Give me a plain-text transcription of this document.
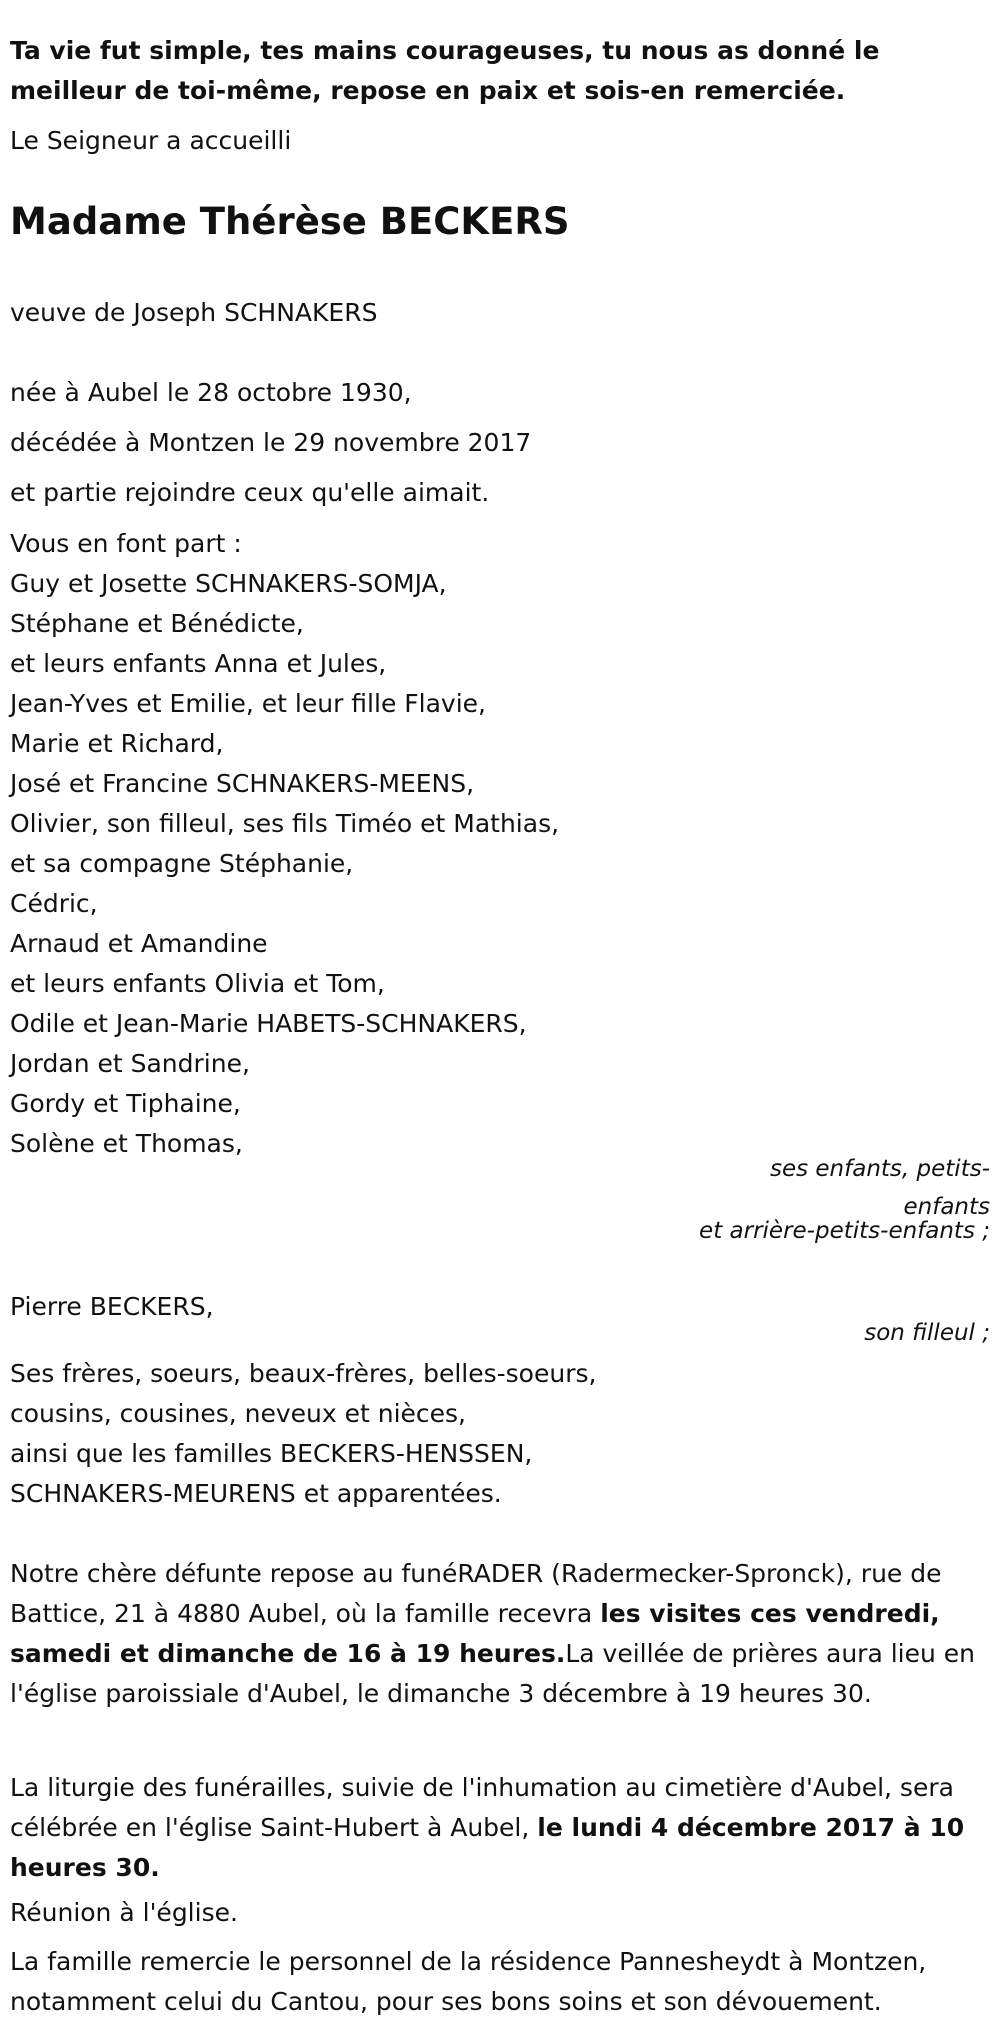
Ta vie fut simple, tes mains courageuses, tu nous as donné le meilleur de toi-même, repose en paix et sois-en remerciée.

Le Seigneur a accueilli
Madame Thérèse BECKERS
veuve de Joseph SCHNAKERS
née à Aubel le 28 octobre 1930,
décédée à Montzen le 29 novembre 2017
et partie rejoindre ceux qu'elle aimait.
Vous en font part :
Guy et Josette SCHNAKERS-SOMJA,
Stéphane et Bénédicte,
et leurs enfants Anna et Jules,
Jean-Yves et Emilie, et leur fille Flavie,
Marie et Richard,
José et Francine SCHNAKERS-MEENS,
Olivier, son filleul, ses fils Timéo et Mathias,
et sa compagne Stéphanie,
Cédric,
Arnaud et Amandine
et leurs enfants Olivia et Tom,
Odile et Jean-Marie HABETS-SCHNAKERS,
Jordan et Sandrine,
Gordy et Tiphaine,
Solène et Thomas,
ses enfants, petits-enfants
et arrière-petits-enfants ;
Pierre BECKERS,
son filleul ;
Ses frères, soeurs, beaux-frères, belles-soeurs,
cousins, cousines, neveux et nièces,
ainsi que les familles BECKERS-HENSSEN,
SCHNAKERS-MEURENS et apparentées.
Notre chère défunte repose au funéRADER (Radermecker-Spronck), rue de Battice, 21 à 4880 Aubel, où la famille recevra les visites ces vendredi, samedi et dimanche de 16 à 19 heures.La veillée de prières aura lieu en l'église paroissiale d'Aubel, le dimanche 3 décembre à 19 heures 30.
La liturgie des funérailles, suivie de l'inhumation au cimetière d'Aubel, sera célébrée en l'église Saint-Hubert à Aubel, le lundi 4 décembre 2017 à 10 heures 30.
Réunion à l'église.
La famille remercie le personnel de la résidence Pannesheydt à Montzen, notamment celui du Cantou, pour ses bons soins et son dévouement.
